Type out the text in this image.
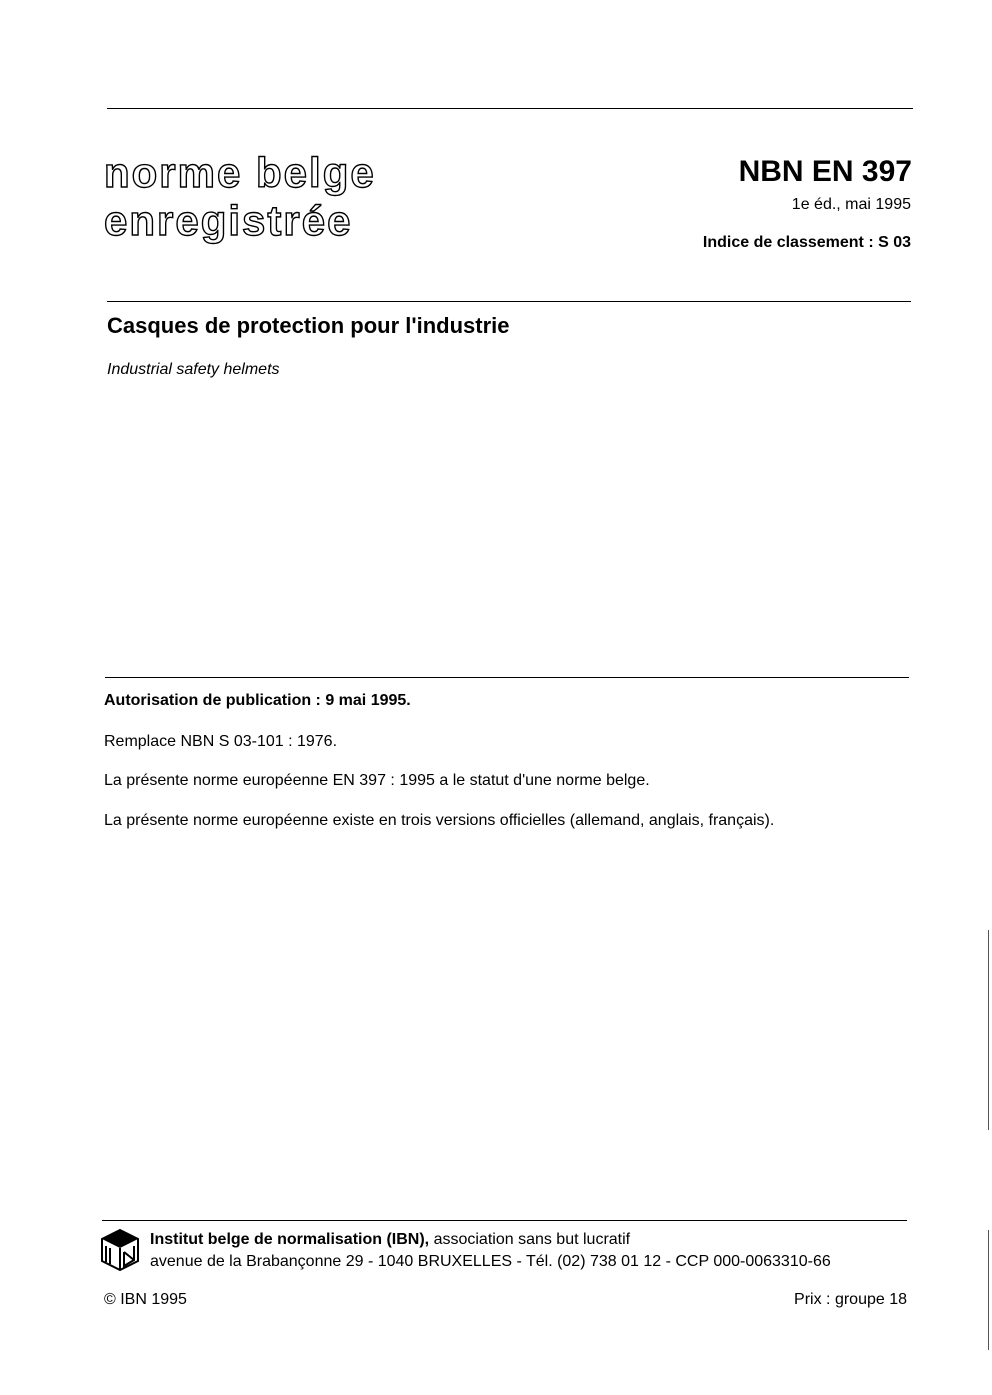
norme belge
enregistrée
NBN EN 397
1e éd., mai 1995
Indice de classement : S 03
Casques de protection pour l'industrie
Industrial safety helmets
Autorisation de publication : 9 mai 1995.
Remplace NBN S 03-101 : 1976.
La présente norme européenne EN 397 : 1995 a le statut d'une norme belge.
La présente norme européenne existe en trois versions officielles (allemand, anglais, français).
Institut belge de normalisation (IBN), association sans but lucratif
avenue de la Brabançonne 29 - 1040 BRUXELLES - Tél. (02) 738 01 12 - CCP 000-0063310-66
© IBN 1995	Prix : groupe 18
